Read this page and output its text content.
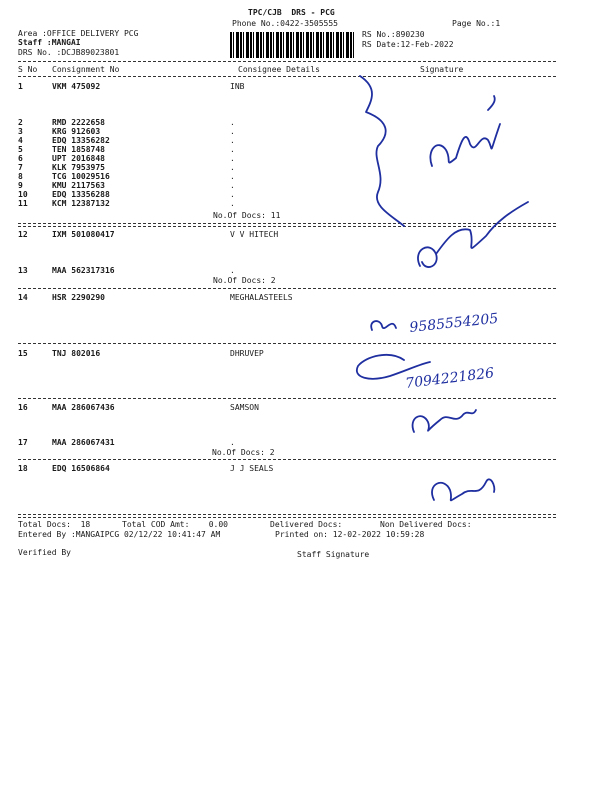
TPC/CJB  DRS - PCG
Phone No.:0422-3505555	Page No.:1
Area :OFFICE DELIVERY PCG
Staff :MANGAI
DRS No. :DCJB89023801
RS No.:890230
RS Date:12-Feb-2022
S No Consignment No	Consignee Details	Signature
1	VKM 475092	INB
2	RMD 2222658	.
3	KRG 912603	.
4	EDQ 13356282	.
5	TEN 1858748	.
6	UPT 2016848	.
7	KLK 7953975	.
8	TCG 10029516	.
9	KMU 2117563	.
10	EDQ 13356288	.
11	KCM 12387132	.
No.Of Docs: 11
12	IXM 501080417	V V HITECH
13	MAA 562317316	.
No.Of Docs: 2
14	HSR 2290290	MEGHALASTEELS
15	TNJ 802016	DHRUVEP
16	MAA 286067436	SAMSON
17	MAA 286067431	.
No.Of Docs: 2
18	EDQ 16506864	J J SEALS
Total Docs:  18	Total COD Amt:    0.00	Delivered Docs:	Non Delivered Docs:
Entered By :MANGAIPCG 02/12/22 10:41:47 AM	Printed on: 12-02-2022 10:59:28
Verified By	Staff Signature
9585554205
7094221826
